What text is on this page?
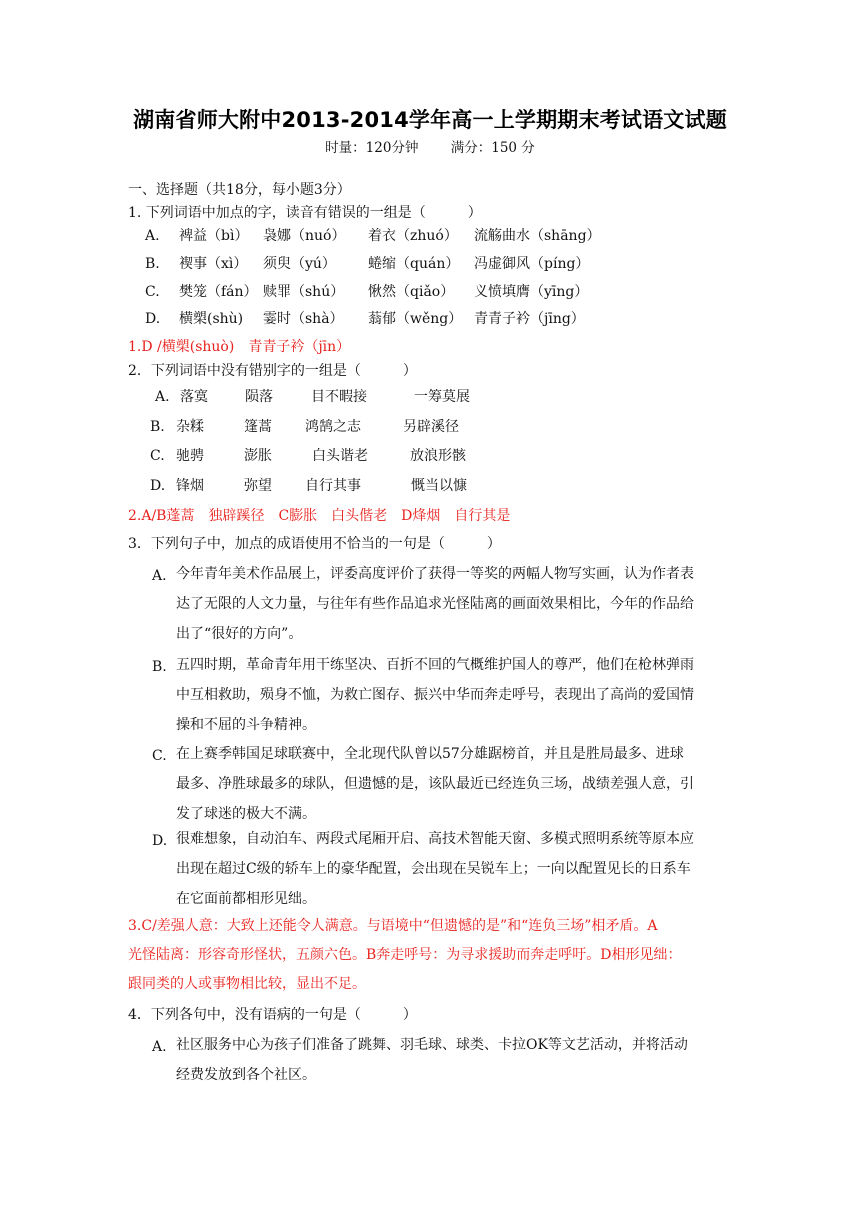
湖南省师大附中2013-2014学年高一上学期期末考试语文试题
时量：120分钟 满分：150 分
一、选择题（共18分，每小题3分）
1. 下列词语中加点的字，读音有错误的一组是（　　　）
A. 裨益（bì） 袅娜（nuó） 着衣（zhuó） 流觞曲水（shāng）
B. 褉事（xì） 须臾（yú） 蜷缩（quán） 冯虚御风（píng）
C. 樊笼（fán） 赎罪（shú） 愀然（qiǎo） 义愤填膺（yīng）
D. 横槊(shù) 霎时（shà） 蓊郁（wěng） 青青子衿（jīng）
1.D /横槊(shuò)　青青子衿（jīn）
2．下列词语中没有错别字的一组是（　　　）
A. 落寞	陨落	目不暇接	一筹莫展
B. 杂糅	篷蒿 鸿鹄之志	另辟溪径
C. 驰骋	澎胀	白头谐老	放浪形骸
D. 锋烟	弥望 自行其事	慨当以慷
2.A/B蓬蒿　独辟蹊径　C膨胀　白头偕老　D烽烟　自行其是
3．下列句子中，加点的成语使用不恰当的一句是（　　　）
A. 今年青年美术作品展上，评委高度评价了获得一等奖的两幅人物写实画，认为作者表
达了无限的人文力量，与往年有些作品追求光怪陆离的画面效果相比，今年的作品给
出了“很好的方向”。
B. 五四时期，革命青年用干练坚决、百折不回的气概维护国人的尊严，他们在枪林弹雨
中互相救助，殒身不恤，为救亡图存、振兴中华而奔走呼号，表现出了高尚的爱国情
操和不屈的斗争精神。
C. 在上赛季韩国足球联赛中，全北现代队曾以57分雄踞榜首，并且是胜局最多、进球
最多、净胜球最多的球队，但遗憾的是，该队最近已经连负三场，战绩差强人意，引
发了球迷的极大不满。
D. 很难想象，自动泊车、两段式尾厢开启、高技术智能天窗、多模式照明系统等原本应
出现在超过C级的轿车上的豪华配置，会出现在吴锐车上；一向以配置见长的日系车
在它面前都相形见绌。
3.C/差强人意：大致上还能令人满意。与语境中“但遗憾的是”和“连负三场”相矛盾。A
光怪陆离：形容奇形怪状，五颜六色。B奔走呼号：为寻求援助而奔走呼吁。D相形见绌：
跟同类的人或事物相比较，显出不足。
4．下列各句中，没有语病的一句是（　　　）
A. 社区服务中心为孩子们准备了跳舞、羽毛球、球类、卡拉OK等文艺活动，并将活动
经费发放到各个社区。
